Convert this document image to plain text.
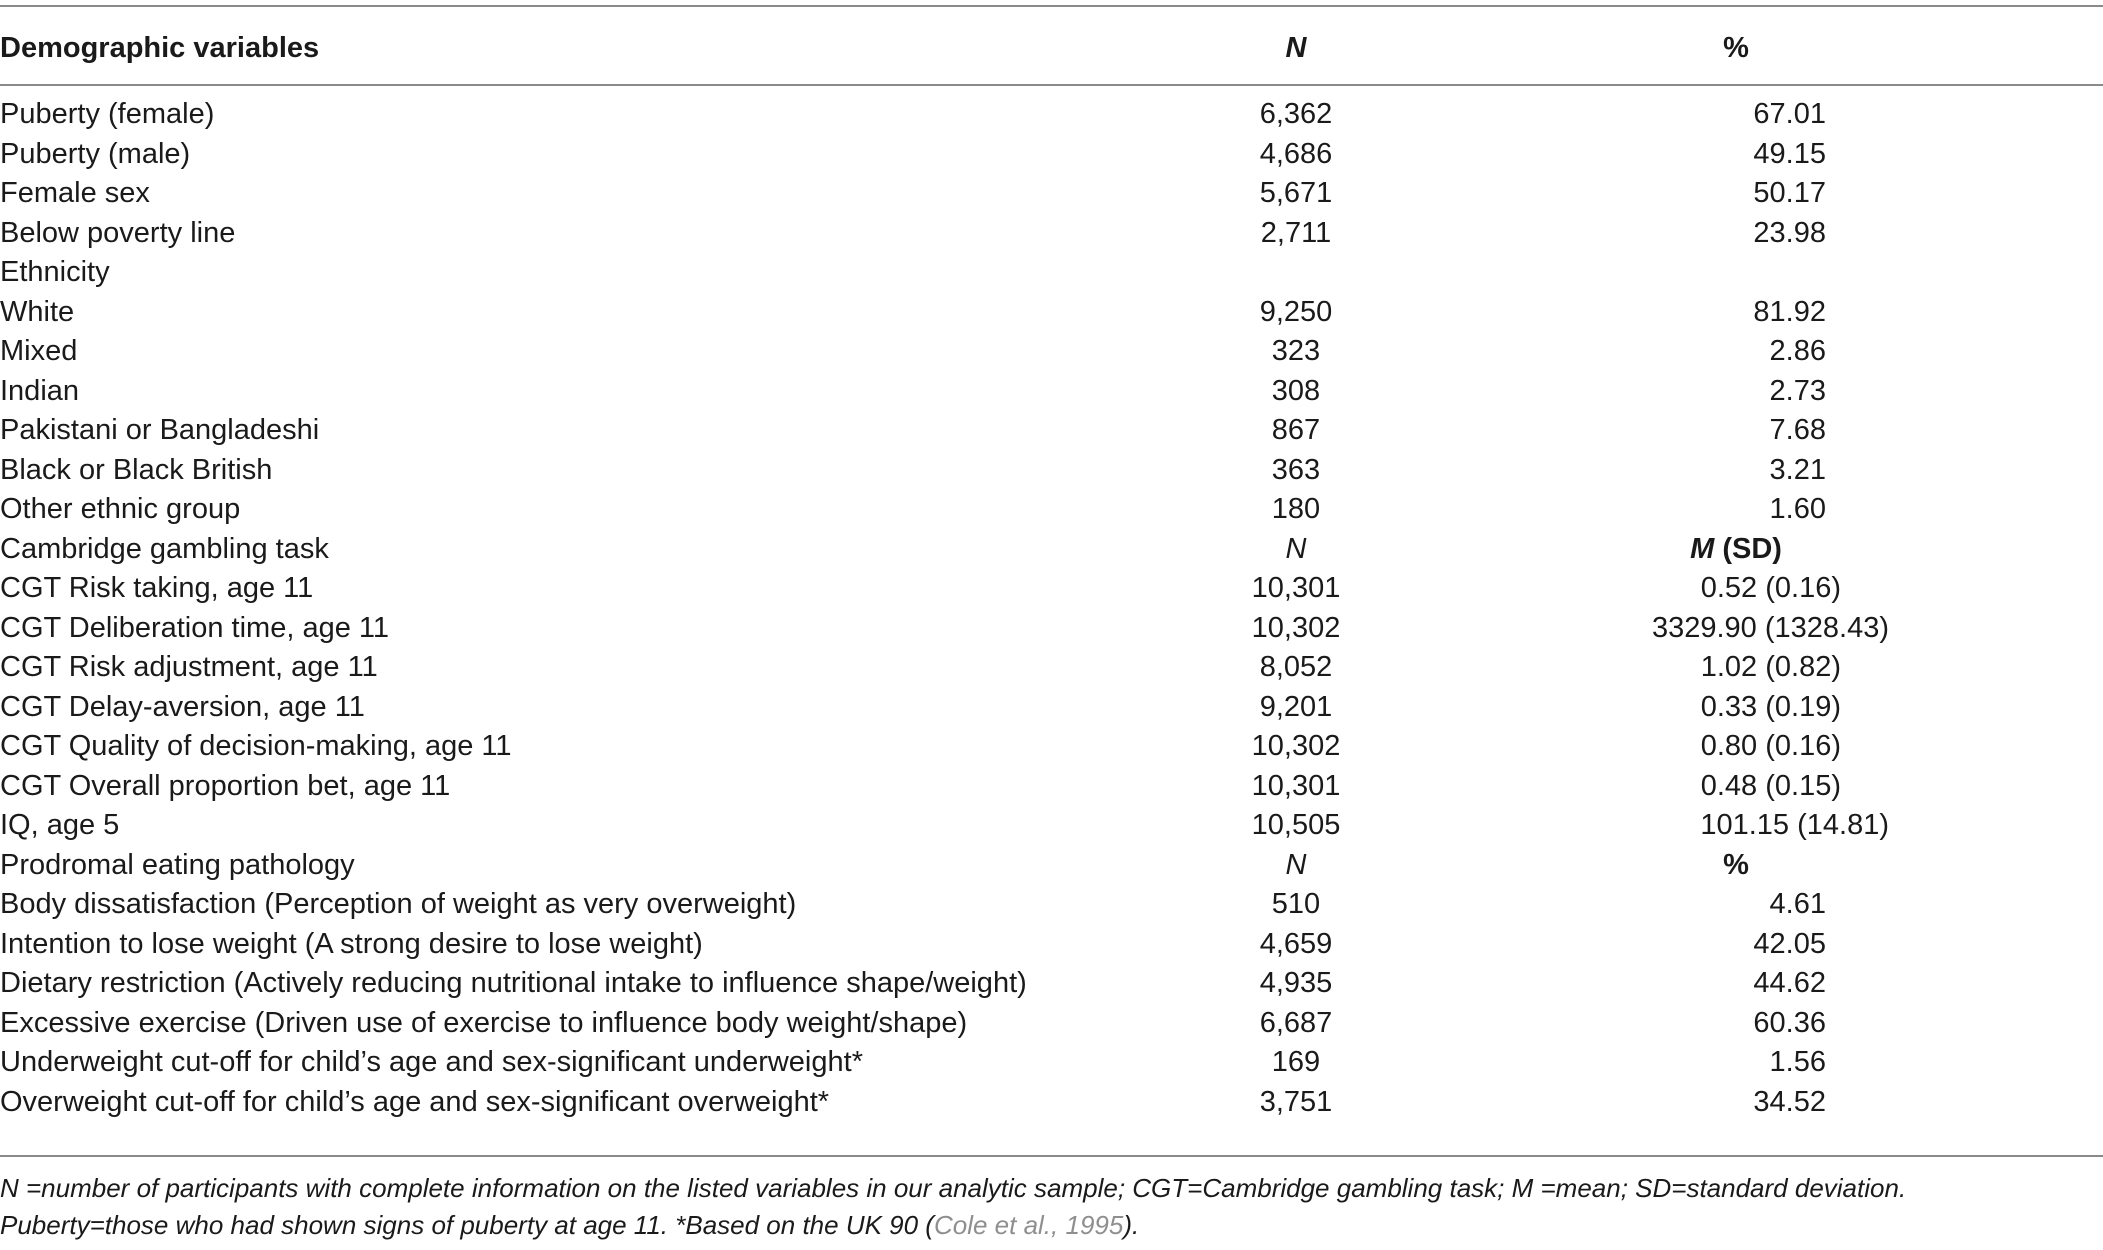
Demographic variables	N	%

Puberty (female)	6,362	67.01
Puberty (male)	4,686	49.15
Female sex	5,671	50.17
Below poverty line	2,711	23.98
Ethnicity		
White	9,250	81.92
Mixed	323	2.86
Indian	308	2.73
Pakistani or Bangladeshi	867	7.68
Black or Black British	363	3.21
Other ethnic group	180	1.60
Cambridge gambling task	N	M (SD)
CGT Risk taking, age 11	10,301	0.52 (0.16)
CGT Deliberation time, age 11	10,302	3329.90 (1328.43)
CGT Risk adjustment, age 11	8,052	1.02 (0.82)
CGT Delay-aversion, age 11	9,201	0.33 (0.19)
CGT Quality of decision-making, age 11	10,302	0.80 (0.16)
CGT Overall proportion bet, age 11	10,301	0.48 (0.15)
IQ, age 5	10,505	101.15 (14.81)
Prodromal eating pathology	N	%
Body dissatisfaction (Perception of weight as very overweight)	510	4.61
Intention to lose weight (A strong desire to lose weight)	4,659	42.05
Dietary restriction (Actively reducing nutritional intake to influence shape/weight)	4,935	44.62
Excessive exercise (Driven use of exercise to influence body weight/shape)	6,687	60.36
Underweight cut-off for child’s age and sex-significant underweight*	169	1.56
Overweight cut-off for child’s age and sex-significant overweight*	3,751	34.52
N =number of participants with complete information on the listed variables in our analytic sample; CGT=Cambridge gambling task; M =mean; SD=standard deviation.
Puberty=those who had shown signs of puberty at age 11. *Based on the UK 90 (Cole et al., 1995).
